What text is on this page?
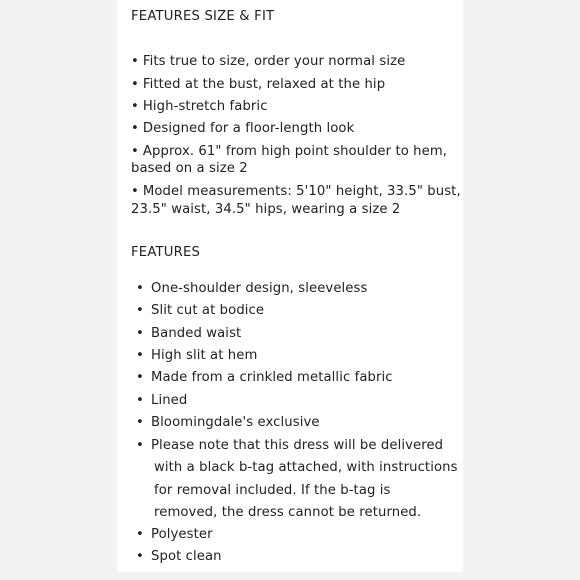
FEATURES SIZE & FIT
• Fits true to size, order your normal size
• Fitted at the bust, relaxed at the hip
• High-stretch fabric
• Designed for a floor-length look
• Approx. 61" from high point shoulder to hem,
based on a size 2
• Model measurements: 5'10" height, 33.5" bust,
23.5" waist, 34.5" hips, wearing a size 2
FEATURES
• One-shoulder design, sleeveless
• Slit cut at bodice
• Banded waist
• High slit at hem
• Made from a crinkled metallic fabric
• Lined
• Bloomingdale's exclusive
• Please note that this dress will be delivered
with a black b-tag attached, with instructions
for removal included. If the b-tag is
removed, the dress cannot be returned.
• Polyester
• Spot clean
